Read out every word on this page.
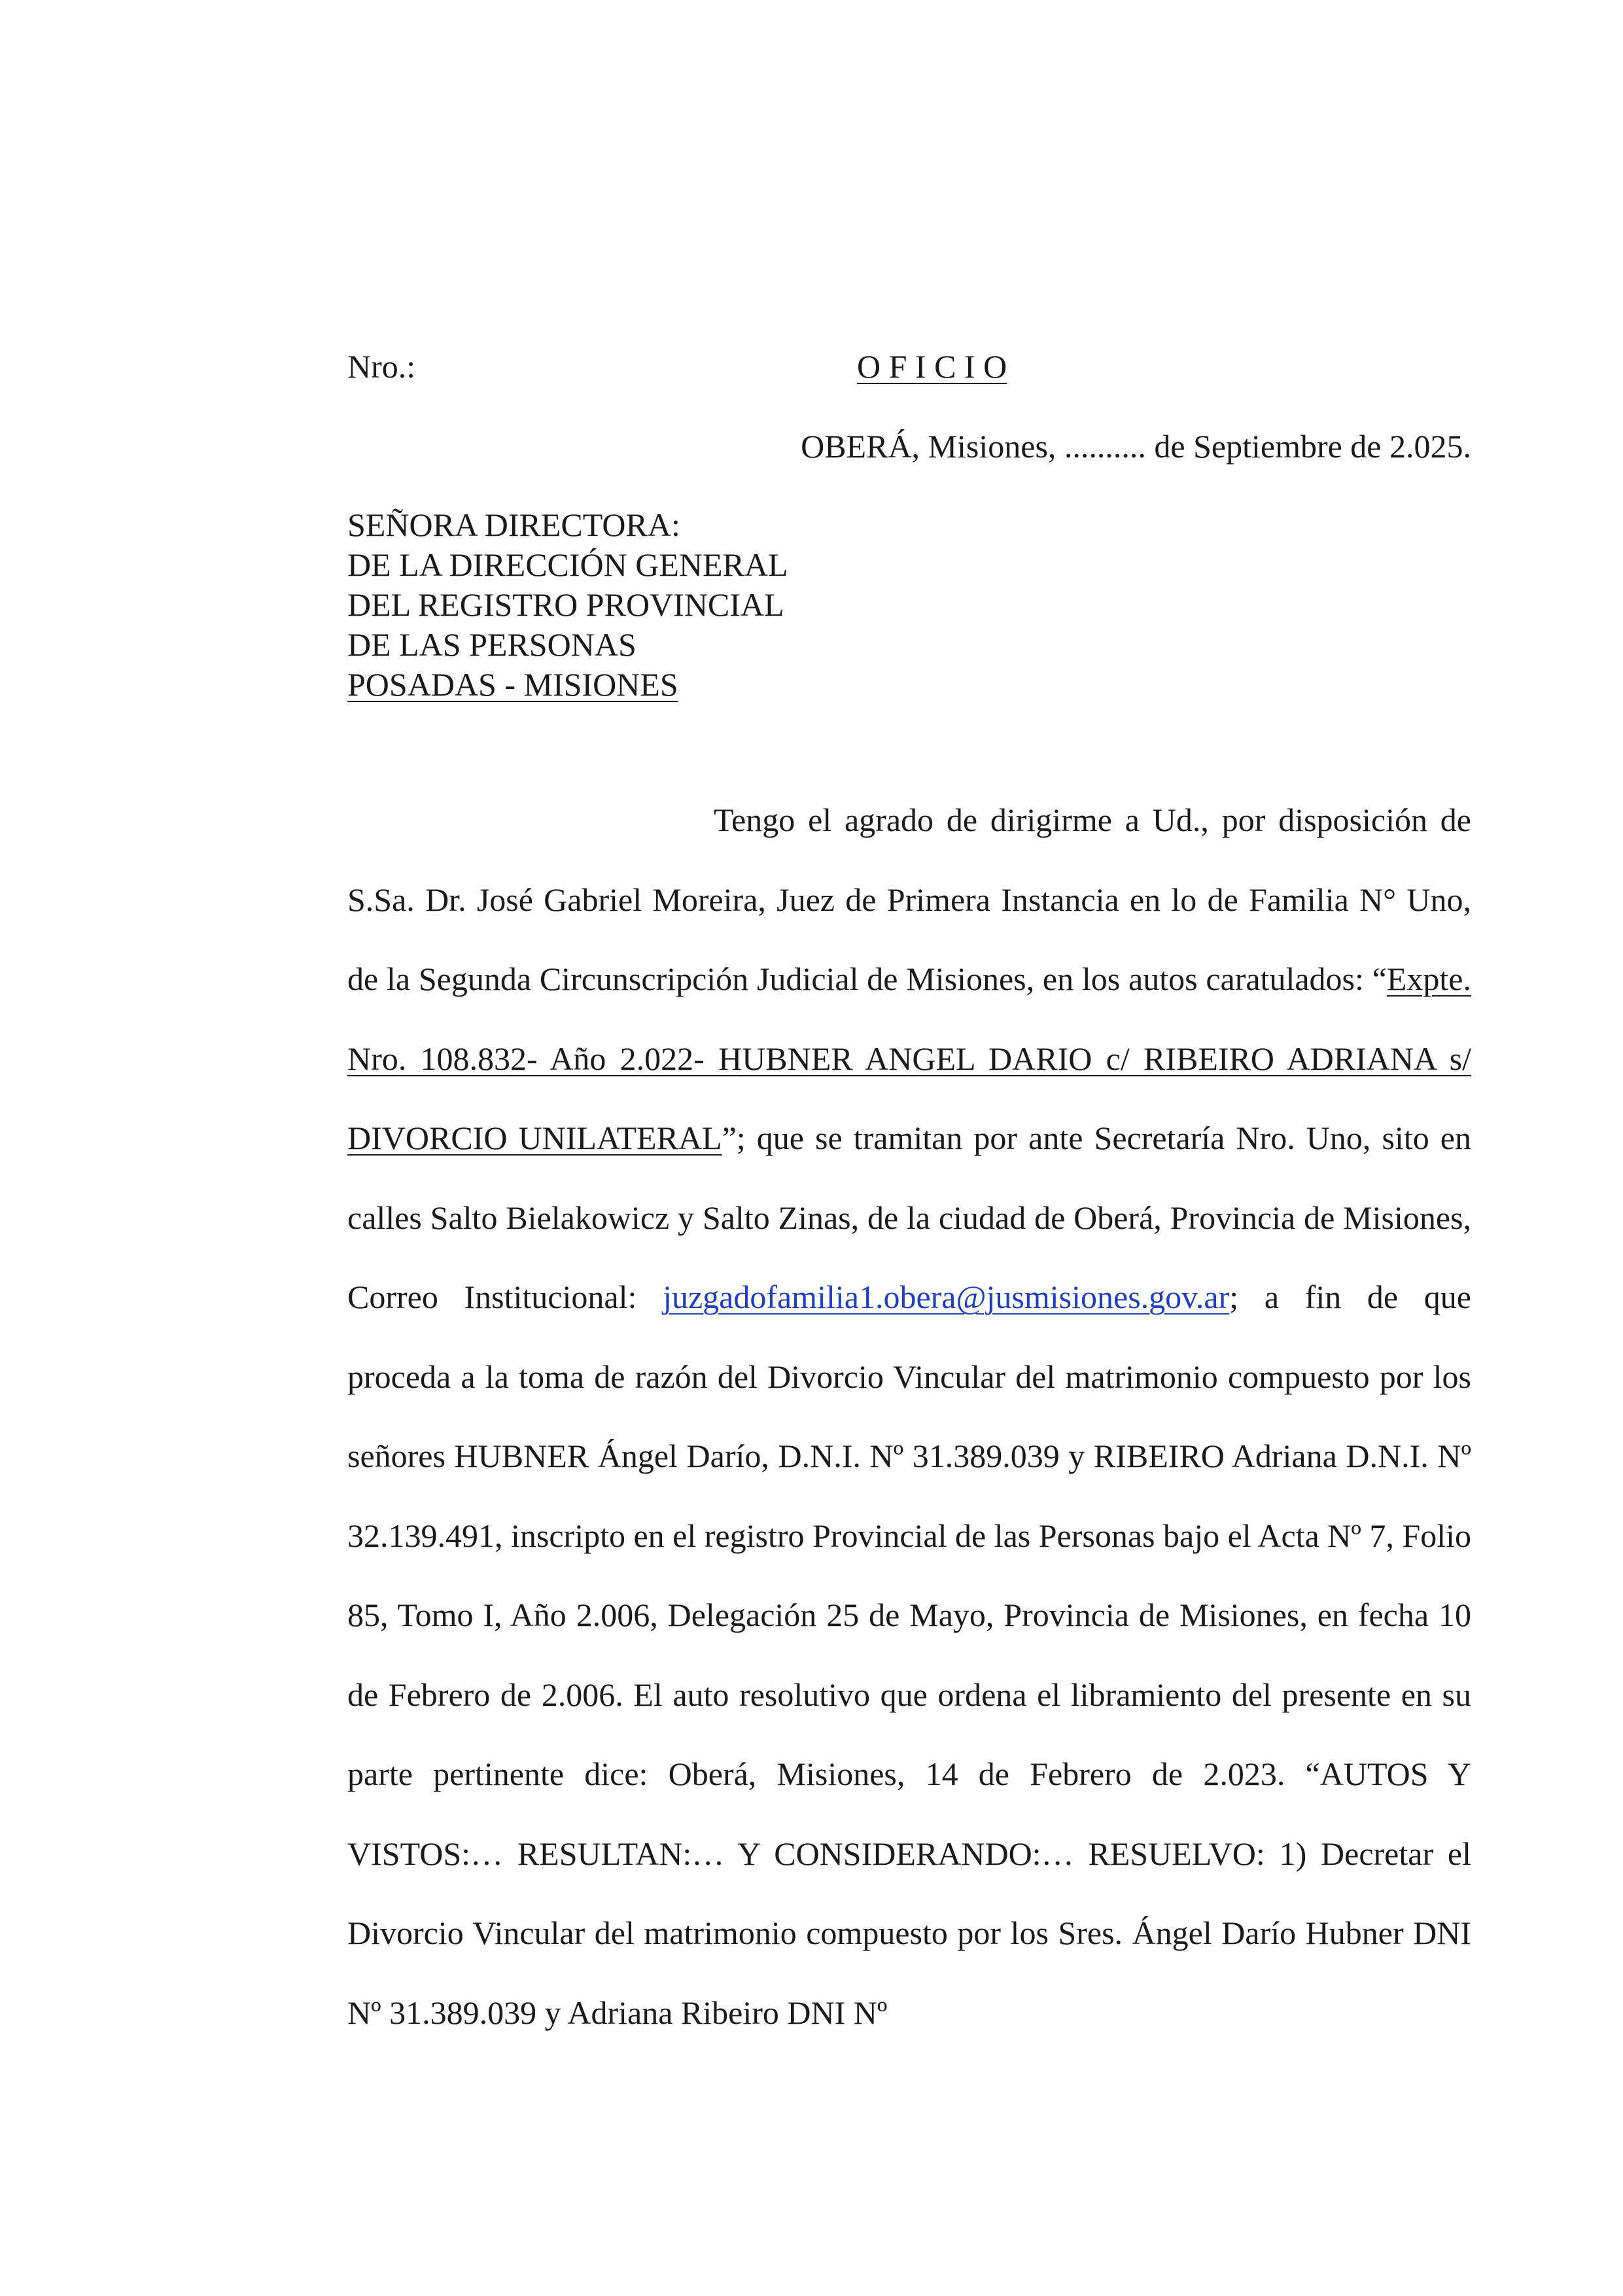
Nro.:	O F I C I O
OBERÁ, Misiones, .......... de Septiembre de 2.025.
SEÑORA DIRECTORA:
DE LA DIRECCIÓN GENERAL
DEL REGISTRO PROVINCIAL
DE LAS PERSONAS
POSADAS - MISIONES

Tengo el agrado de dirigirme a Ud., por disposición de S.Sa. Dr. José Gabriel Moreira, Juez de Primera Instancia en lo de Familia N° Uno, de la Segunda Circunscripción Judicial de Misiones, en los autos caratulados: “Expte. Nro. 108.832- Año 2.022- HUBNER ANGEL DARIO c/ RIBEIRO ADRIANA s/ DIVORCIO UNILATERAL”; que se tramitan por ante Secretaría Nro. Uno, sito en calles Salto Bielakowicz y Salto Zinas, de la ciudad de Oberá, Provincia de Misiones, Correo Institucional: juzgadofamilia1.obera@jusmisiones.gov.ar; a fin de que proceda a la toma de razón del Divorcio Vincular del matrimonio compuesto por los señores HUBNER Ángel Darío, D.N.I. Nº 31.389.039 y RIBEIRO Adriana D.N.I. Nº 32.139.491, inscripto en el registro Provincial de las Personas bajo el Acta Nº 7, Folio 85, Tomo I, Año 2.006, Delegación 25 de Mayo, Provincia de Misiones, en fecha 10 de Febrero de 2.006. El auto resolutivo que ordena el libramiento del presente en su parte pertinente dice: Oberá, Misiones, 14 de Febrero de 2.023. “AUTOS Y VISTOS:… RESULTAN:… Y CONSIDERANDO:… RESUELVO: 1) Decretar el Divorcio Vincular del matrimonio compuesto por los Sres. Ángel Darío Hubner DNI Nº 31.389.039 y Adriana Ribeiro DNI Nº
